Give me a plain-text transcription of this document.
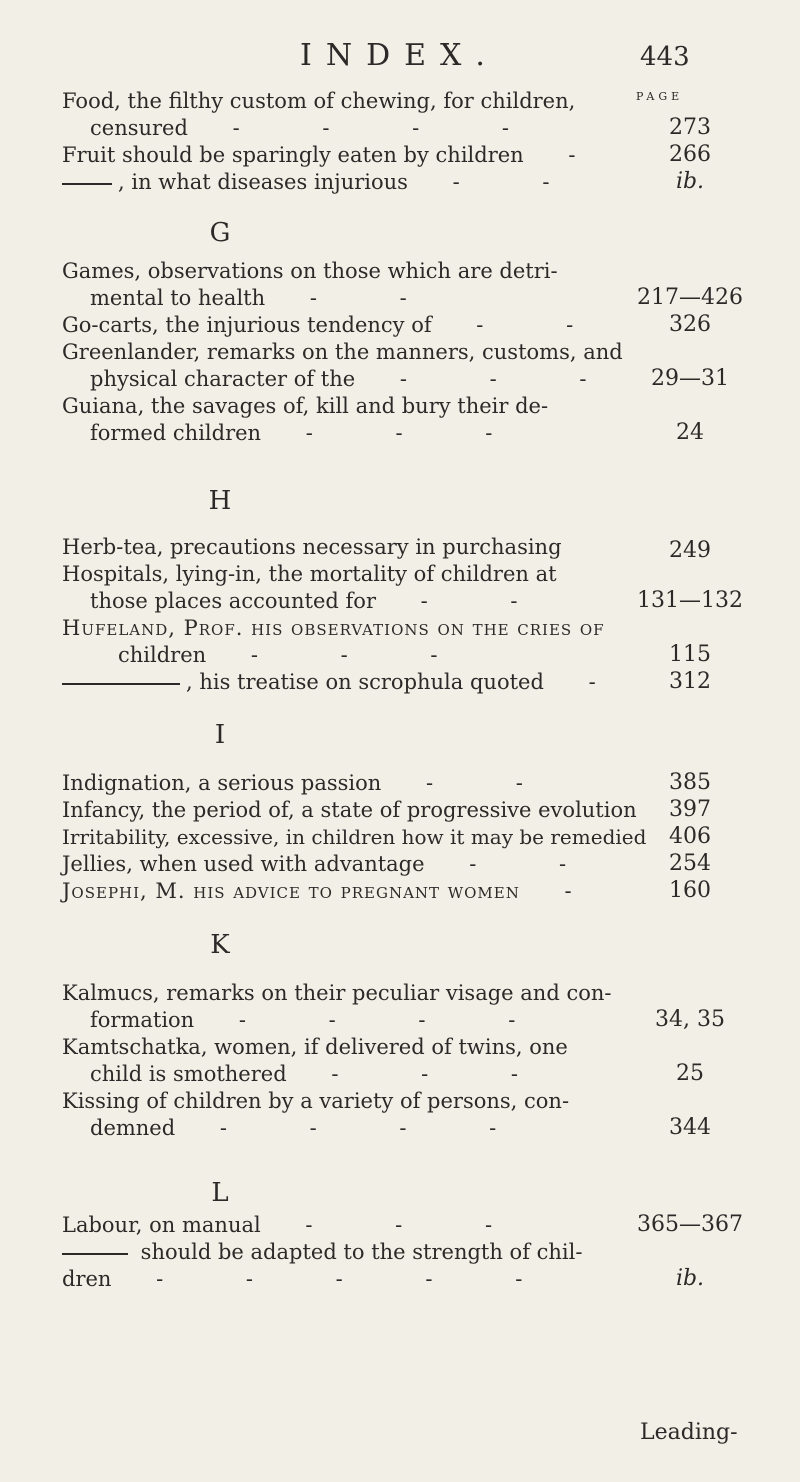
INDEX.	443
PAGE
Food, the filthy custom of chewing, for children,
censured - - - -	273
Fruit should be sparingly eaten by children -	266
, in what diseases injurious - -	ib.
G
Games, observations on those which are detri-
mental to health - -	217—426
Go-carts, the injurious tendency of - -	326
Greenlander, remarks on the manners, customs, and
physical character of the - - -	29—31
Guiana, the savages of, kill and bury their de-
formed children - - -	24
H
Herb-tea, precautions necessary in purchasing	249
Hospitals, lying-in, the mortality of children at
those places accounted for - -	131—132
Hufeland, Prof. his observations on the cries of
children - - -	115
, his treatise on scrophula quoted -	312
I
Indignation, a serious passion - -	385
Infancy, the period of, a state of progressive evolution	397
Irritability, excessive, in children how it may be remedied	406
Jellies, when used with advantage - -	254
Josephi, M. his advice to pregnant women -	160
K
Kalmucs, remarks on their peculiar visage and con-
formation - - - -	34, 35
Kamtschatka, women, if delivered of twins, one
child is smothered - - -	25
Kissing of children by a variety of persons, con-
demned - - - -	344
L
Labour, on manual - - -	365—367
should be adapted to the strength of chil-
dren - - - - -	ib.
Leading-
